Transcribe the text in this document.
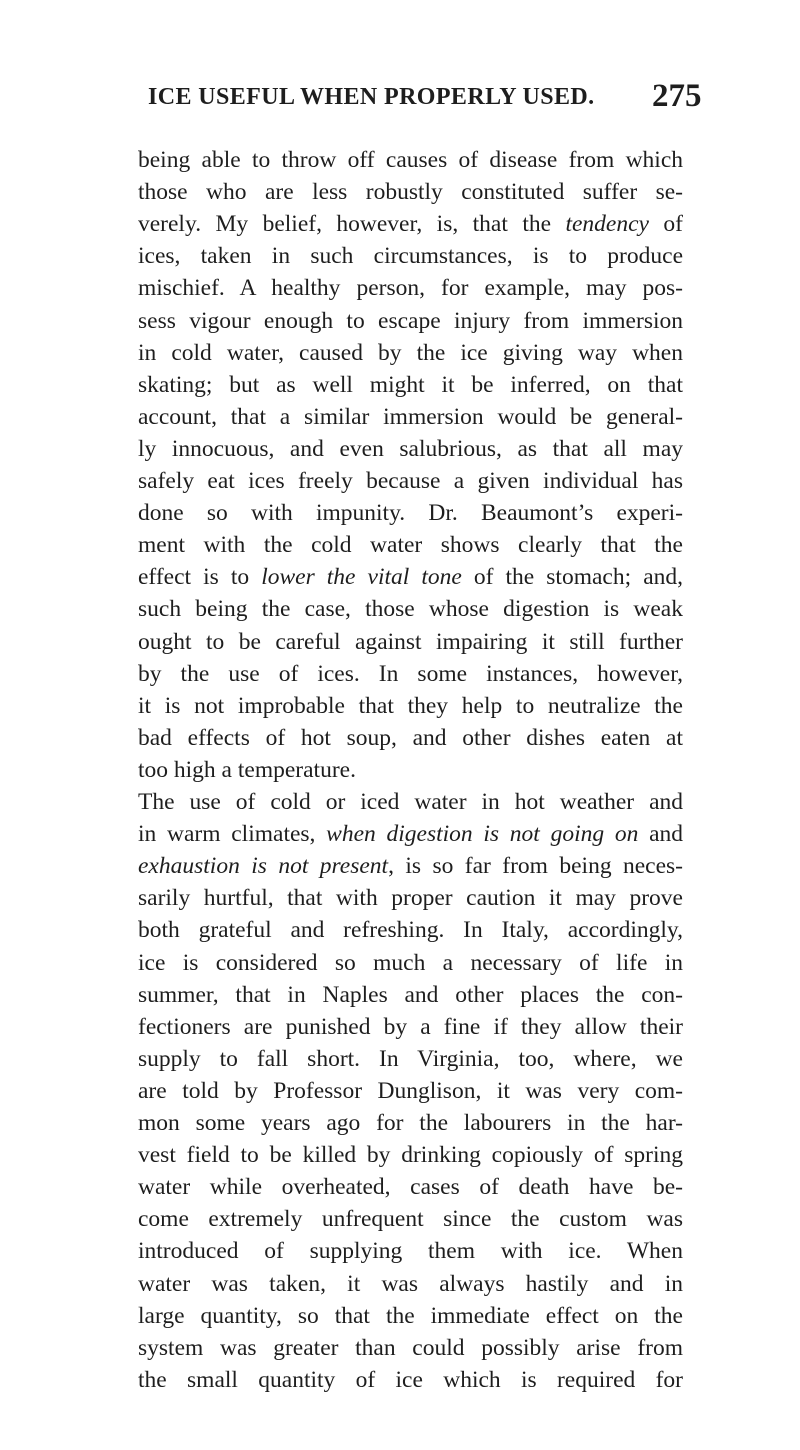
ICE USEFUL WHEN PROPERLY USED. 275
being able to throw off causes of disease from which
those who are less robustly constituted suffer se-
verely. My belief, however, is, that the tendency of
ices, taken in such circumstances, is to produce
mischief. A healthy person, for example, may pos-
sess vigour enough to escape injury from immersion
in cold water, caused by the ice giving way when
skating; but as well might it be inferred, on that
account, that a similar immersion would be general-
ly innocuous, and even salubrious, as that all may
safely eat ices freely because a given individual has
done so with impunity. Dr. Beaumont’s experi-
ment with the cold water shows clearly that the
effect is to lower the vital tone of the stomach; and,
such being the case, those whose digestion is weak
ought to be careful against impairing it still further
by the use of ices. In some instances, however,
it is not improbable that they help to neutralize the
bad effects of hot soup, and other dishes eaten at
too high a temperature.
The use of cold or iced water in hot weather and
in warm climates, when digestion is not going on and
exhaustion is not present, is so far from being neces-
sarily hurtful, that with proper caution it may prove
both grateful and refreshing. In Italy, accordingly,
ice is considered so much a necessary of life in
summer, that in Naples and other places the con-
fectioners are punished by a fine if they allow their
supply to fall short. In Virginia, too, where, we
are told by Professor Dunglison, it was very com-
mon some years ago for the labourers in the har-
vest field to be killed by drinking copiously of spring
water while overheated, cases of death have be-
come extremely unfrequent since the custom was
introduced of supplying them with ice. When
water was taken, it was always hastily and in
large quantity, so that the immediate effect on the
system was greater than could possibly arise from
the small quantity of ice which is required for
